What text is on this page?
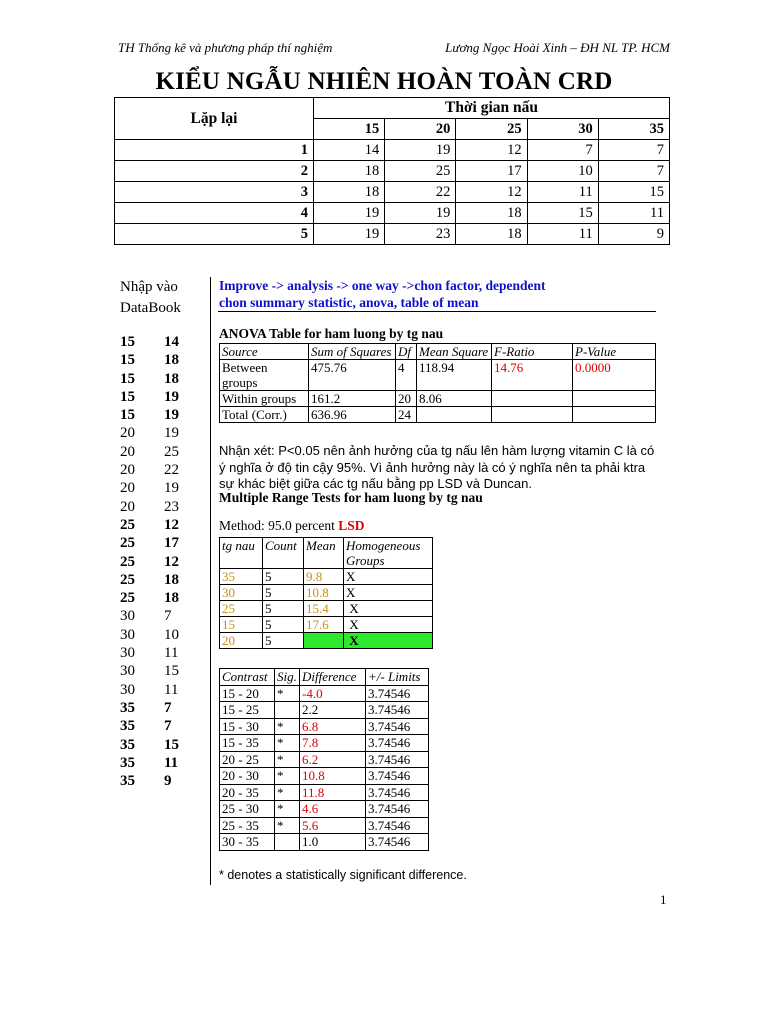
TH Thống kê và phương pháp thí nghiệm	Lương Ngọc Hoài Xinh – ĐH NL TP. HCM
KIỂU NGẪU NHIÊN HOÀN TOÀN CRD
Lặp lại	Thời gian nấu				
	15	20	25	30	35
1	14	19	12	7	7
2	18	25	17	10	7
3	18	22	12	11	15
4	19	19	18	15	11
5	19	23	18	11	9
Nhập vào
DataBook
15	14
15	18
15	18
15	19
15	19
20	19
20	25
20	22
20	19
20	23
25	12
25	17
25	12
25	18
25	18
30	7
30	10
30	11
30	15
30	11
35	7
35	7
35	15
35	11
35	9
Improve -> analysis -> one way ->chon factor, dependent
chon summary statistic, anova, table of mean
ANOVA Table for ham luong by tg nau
Source	Sum of Squares	Df	Mean Square	F-Ratio	P-Value
Between groups	475.76	4	118.94	14.76	0.0000
Within groups	161.2	20	8.06		
Total (Corr.)	636.96	24			
Nhận xét: P<0.05 nên ảnh hưởng của tg nấu lên hàm lượng vitamin C là có ý nghĩa ở độ tin cậy 95%. Vì ảnh hưởng này là có ý nghĩa nên ta phải ktra sự khác biệt giữa các tg nấu bằng pp LSD và Duncan.
Multiple Range Tests for ham luong by tg nau
Method: 95.0 percent LSD
tg nau	Count	Mean	Homogeneous Groups
35	5	9.8	X
30	5	10.8	X
25	5	15.4	X
15	5	17.6	X
20	5		X
Contrast	Sig.	Difference	+/- Limits
15 - 20	*	-4.0	3.74546
15 - 25		2.2	3.74546
15 - 30	*	6.8	3.74546
15 - 35	*	7.8	3.74546
20 - 25	*	6.2	3.74546
20 - 30	*	10.8	3.74546
20 - 35	*	11.8	3.74546
25 - 30	*	4.6	3.74546
25 - 35	*	5.6	3.74546
30 - 35		1.0	3.74546
* denotes a statistically significant difference.
1
